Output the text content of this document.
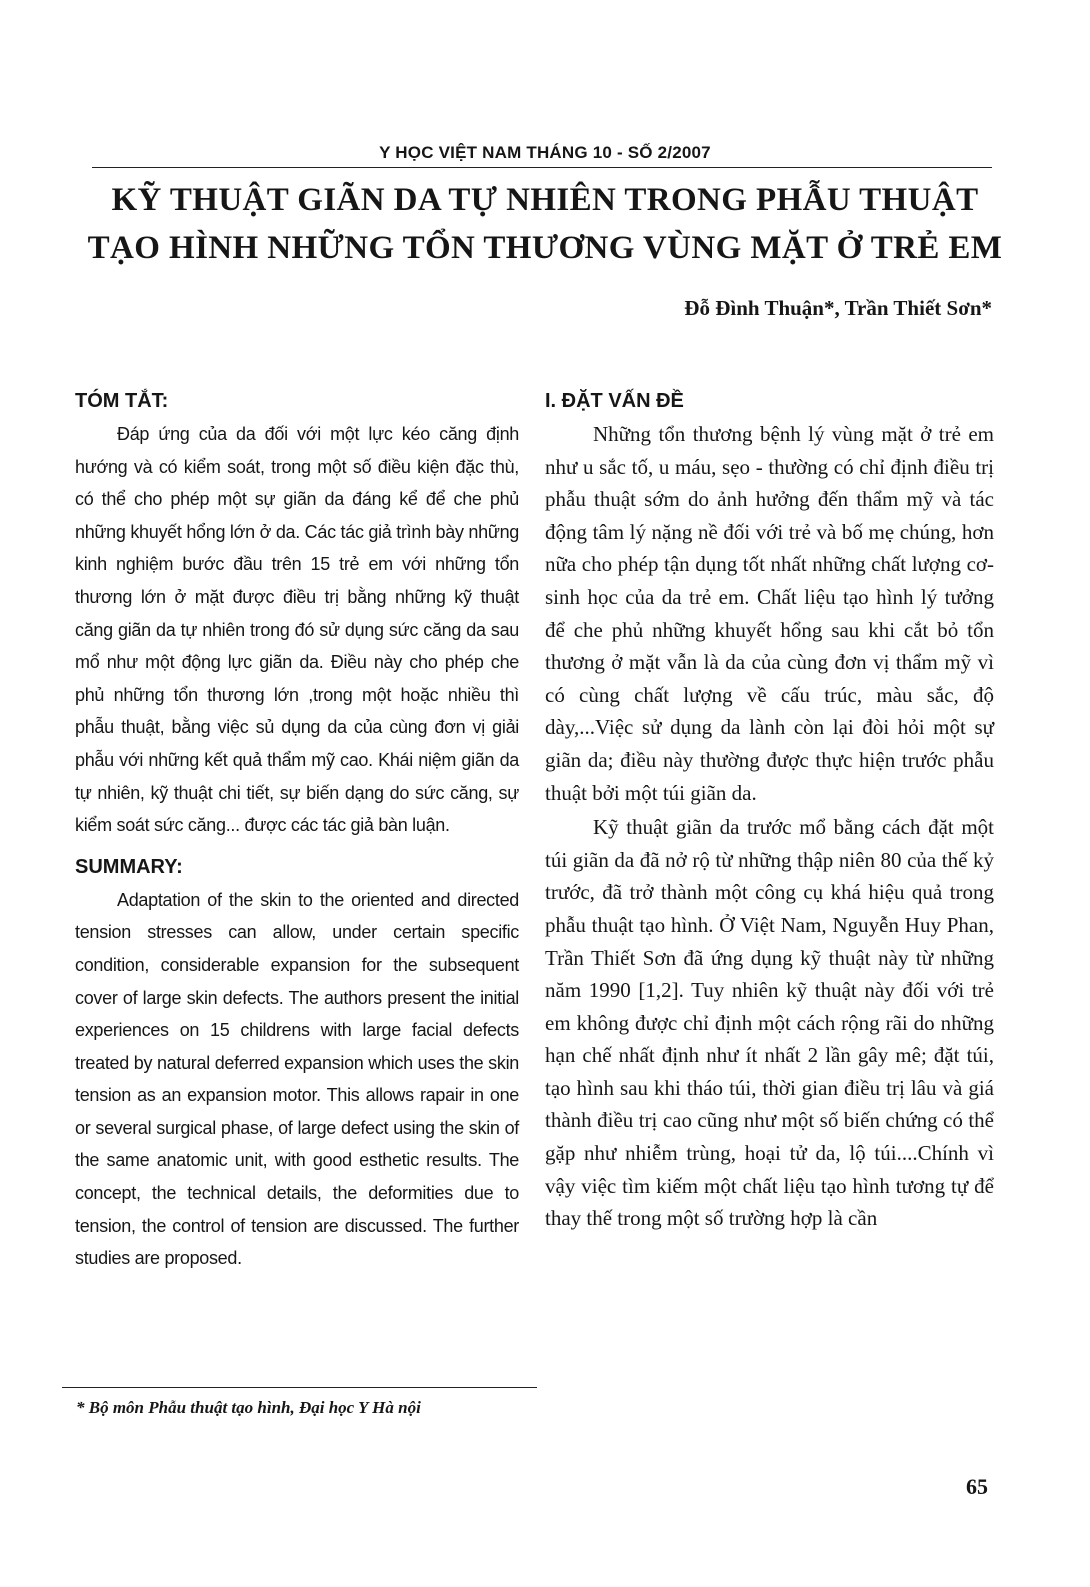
Y HỌC VIỆT NAM THÁNG 10 - SỐ 2/2007
KỸ THUẬT GIÃN DA TỰ NHIÊN TRONG PHẪU THUẬT
TẠO HÌNH NHỮNG TỔN THƯƠNG VÙNG MẶT Ở TRẺ EM
Đỗ Đình Thuận*, Trần Thiết Sơn*
TÓM TẮT:

Đáp ứng của da đối với một lực kéo căng định hướng và có kiểm soát, trong một số điều kiện đặc thù, có thể cho phép một sự giãn da đáng kể để che phủ những khuyết hổng lớn ở da. Các tác giả trình bày những kinh nghiệm bước đầu trên 15 trẻ em với những tổn thương lớn ở mặt được điều trị bằng những kỹ thuật căng giãn da tự nhiên trong đó sử dụng sức căng da sau mổ như một động lực giãn da. Điều này cho phép che phủ những tổn thương lớn ,trong một hoặc nhiều thì phẫu thuật, bằng việc sủ dụng da của cùng đơn vị giải phẫu với những kết quả thẩm mỹ cao. Khái niệm giãn da tự nhiên, kỹ thuật chi tiết, sự biến dạng do sức căng, sự kiểm soát sức căng... được các tác giả bàn luận.

SUMMARY:

Adaptation of the skin to the oriented and directed tension stresses can allow, under certain specific condition, considerable expansion for the subsequent cover of large skin defects. The authors present the initial experiences on 15 childrens with large facial defects treated by natural deferred expansion which uses the skin tension as an expansion motor. This allows rapair in one or several surgical phase, of large defect using the skin of the same anatomic unit, with good esthetic results. The concept, the technical details, the deformities due to tension, the control of tension are discussed. The further studies are proposed.

I. ĐẶT VẤN ĐỀ

Những tổn thương bệnh lý vùng mặt ở trẻ em như u sắc tố, u máu, sẹo - thường có chỉ định điều trị phẫu thuật sớm do ảnh hưởng đến thẩm mỹ và tác động tâm lý nặng nề đối với trẻ và bố mẹ chúng, hơn nữa cho phép tận dụng tốt nhất những chất lượng cơ-sinh học của da trẻ em. Chất liệu tạo hình lý tưởng để che phủ những khuyết hổng sau khi cắt bỏ tổn thương ở mặt vẫn là da của cùng đơn vị thẩm mỹ vì có cùng chất lượng về cấu trúc, màu sắc, độ dày,...Việc sử dụng da lành còn lại đòi hỏi một sự giãn da; điều này thường được thực hiện trước phẫu thuật bởi một túi giãn da.

Kỹ thuật giãn da trước mổ bằng cách đặt một túi giãn da đã nở rộ từ những thập niên 80 của thế kỷ trước, đã trở thành một công cụ khá hiệu quả trong phẫu thuật tạo hình. Ở Việt Nam, Nguyễn Huy Phan, Trần Thiết Sơn đã ứng dụng kỹ thuật này từ những năm 1990 [1,2]. Tuy nhiên kỹ thuật này đối với trẻ em không được chỉ định một cách rộng rãi do những hạn chế nhất định như ít nhất 2 lần gây mê; đặt túi, tạo hình sau khi tháo túi, thời gian điều trị lâu và giá thành điều trị cao cũng như một số biến chứng có thể gặp như nhiễm trùng, hoại tử da, lộ túi....Chính vì vậy việc tìm kiếm một chất liệu tạo hình tương tự để thay thế trong một số trường hợp là cần

* Bộ môn Phẫu thuật tạo hình, Đại học Y Hà nội
65
